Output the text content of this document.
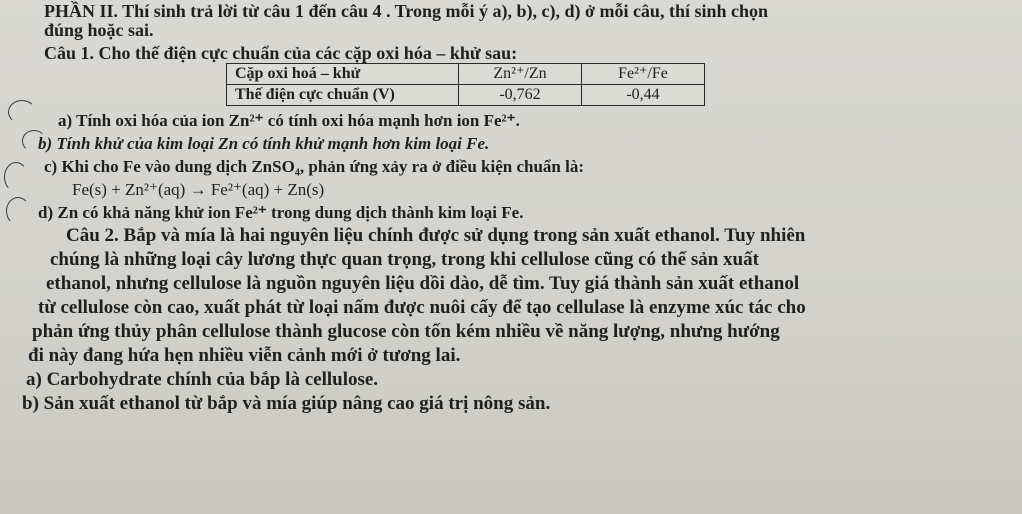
PHẦN II. Thí sinh trả lời từ câu 1 đến câu 4 . Trong mỗi ý a), b), c), d) ở mỗi câu, thí sinh chọn
đúng hoặc sai.
Câu 1. Cho thế điện cực chuẩn của các cặp oxi hóa – khử sau:
Cặp oxi hoá – khử	Zn²⁺/Zn	Fe²⁺/Fe
Thế điện cực chuẩn (V)	-0,762	-0,44
a) Tính oxi hóa của ion Zn²⁺ có tính oxi hóa mạnh hơn ion Fe²⁺.
b) Tính khử của kim loại Zn có tính khử mạnh hơn kim loại Fe.
c) Khi cho Fe vào dung dịch ZnSO₄, phản ứng xảy ra ở điều kiện chuẩn là:
Fe(s) + Zn²⁺(aq) → Fe²⁺(aq) + Zn(s)
d) Zn có khả năng khử ion Fe²⁺ trong dung dịch thành kim loại Fe.
Câu 2. Bắp và mía là hai nguyên liệu chính được sử dụng trong sản xuất ethanol. Tuy nhiên
chúng là những loại cây lương thực quan trọng, trong khi cellulose cũng có thể sản xuất
ethanol, nhưng cellulose là nguồn nguyên liệu dồi dào, dễ tìm. Tuy giá thành sản xuất ethanol
từ cellulose còn cao, xuất phát từ loại nấm được nuôi cấy để tạo cellulase là enzyme xúc tác cho
phản ứng thủy phân cellulose thành glucose còn tốn kém nhiều về năng lượng, nhưng hướng
đi này đang hứa hẹn nhiều viễn cảnh mới ở tương lai.
a) Carbohydrate chính của bắp là cellulose.
b) Sản xuất ethanol từ bắp và mía giúp nâng cao giá trị nông sản.
